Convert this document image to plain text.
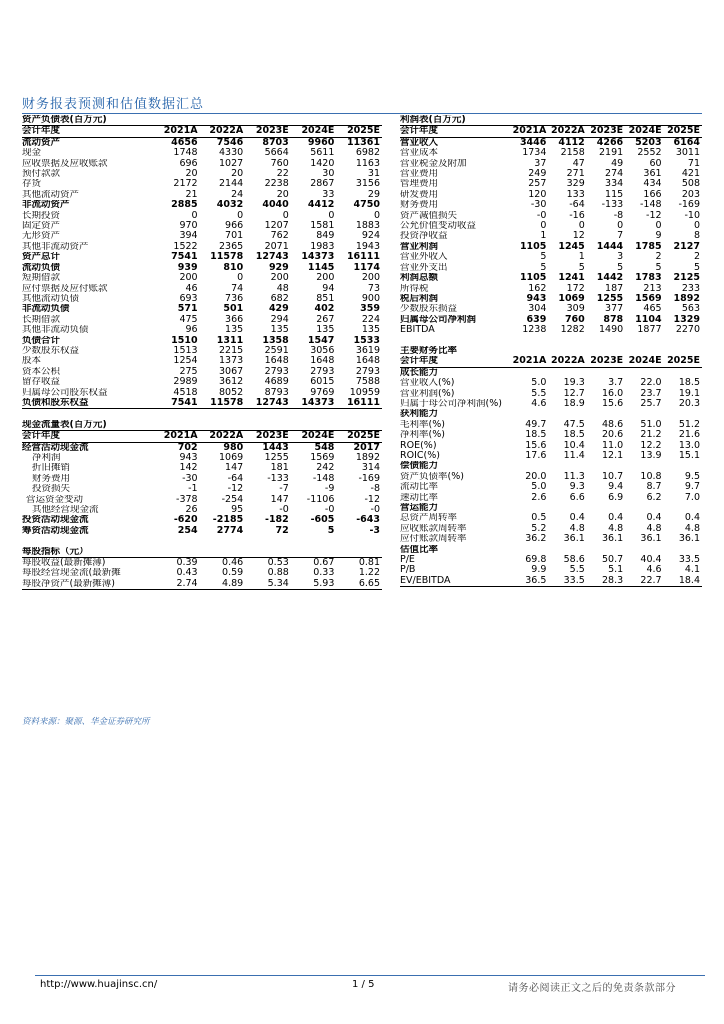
财务报表预测和估值数据汇总
资产负债表(百万元)					
会计年度	2021A	2022A	2023E	2024E	2025E
流动资产	4656	7546	8703	9960	11361
现金	1748	4330	5664	5611	6982
应收票据及应收账款	696	1027	760	1420	1163
预付款款	20	20	22	30	31
存货	2172	2144	2238	2867	3156
其他流动资产	21	24	20	33	29
非流动资产	2885	4032	4040	4412	4750
长期投资	0	0	0	0	0
固定资产	970	966	1207	1581	1883
无形资产	394	701	762	849	924
其他非流动资产	1522	2365	2071	1983	1943
资产总计	7541	11578	12743	14373	16111
流动负债	939	810	929	1145	1174
短期借款	200	0	200	200	200
应付票据及应付账款	46	74	48	94	73
其他流动负债	693	736	682	851	900
非流动负债	571	501	429	402	359
长期借款	475	366	294	267	224
其他非流动负债	96	135	135	135	135
负债合计	1510	1311	1358	1547	1533
少数股东权益	1513	2215	2591	3056	3619
股本	1254	1373	1648	1648	1648
资本公积	275	3067	2793	2793	2793
留存收益	2989	3612	4689	6015	7588
归属母公司股东权益	4518	8052	8793	9769	10959
负债和股东权益	7541	11578	12743	14373	16111

现金流量表(百万元)					
会计年度	2021A	2022A	2023E	2024E	2025E
经营活动现金流	702	980	1443	548	2017
净利润	943	1069	1255	1569	1892
折旧摊销	142	147	181	242	314
财务费用	-30	-64	-133	-148	-169
投资损失	-1	-12	-7	-9	-8
营运资金变动	-378	-254	147	-1106	-12
其他经营现金流	26	95	-0	-0	-0
投资活动现金流	-620	-2185	-182	-605	-643
筹资活动现金流	254	2774	72	5	-3

每股指标（元）					
每股收益(最新摊薄)	0.39	0.46	0.53	0.67	0.81
每股经营现金流(最新摊	0.43	0.59	0.88	0.33	1.22
每股净资产(最新摊薄)	2.74	4.89	5.34	5.93	6.65
利润表(百万元)					
会计年度	2021A	2022A	2023E	2024E	2025E
营业收入	3446	4112	4266	5203	6164
营业成本	1734	2158	2191	2552	3011
营业税金及附加	37	47	49	60	71
营业费用	249	271	274	361	421
管理费用	257	329	334	434	508
研发费用	120	133	115	166	203
财务费用	-30	-64	-133	-148	-169
资产减值损失	-0	-16	-8	-12	-10
公允价值变动收益	0	0	0	0	0
投资净收益	1	12	7	9	8
营业利润	1105	1245	1444	1785	2127
营业外收入	5	1	3	2	2
营业外支出	5	5	5	5	5
利润总额	1105	1241	1442	1783	2125
所得税	162	172	187	213	233
税后利润	943	1069	1255	1569	1892
少数股东损益	304	309	377	465	563
归属母公司净利润	639	760	878	1104	1329
EBITDA	1238	1282	1490	1877	2270

主要财务比率					
会计年度	2021A	2022A	2023E	2024E	2025E
成长能力					
营业收入(%)	5.0	19.3	3.7	22.0	18.5
营业利润(%)	5.5	12.7	16.0	23.7	19.1
归属于母公司净利润(%)	4.6	18.9	15.6	25.7	20.3
获利能力					
毛利率(%)	49.7	47.5	48.6	51.0	51.2
净利率(%)	18.5	18.5	20.6	21.2	21.6
ROE(%)	15.6	10.4	11.0	12.2	13.0
ROIC(%)	17.6	11.4	12.1	13.9	15.1
偿债能力					
资产负债率(%)	20.0	11.3	10.7	10.8	9.5
流动比率	5.0	9.3	9.4	8.7	9.7
速动比率	2.6	6.6	6.9	6.2	7.0
营运能力					
总资产周转率	0.5	0.4	0.4	0.4	0.4
应收账款周转率	5.2	4.8	4.8	4.8	4.8
应付账款周转率	36.2	36.1	36.1	36.1	36.1
估值比率					
P/E	69.8	58.6	50.7	40.4	33.5
P/B	9.9	5.5	5.1	4.6	4.1
EV/EBITDA	36.5	33.5	28.3	22.7	18.4
资料来源：聚源、华金证券研究所
http://www.huajinsc.cn/	1 / 5	请务必阅读正文之后的免责条款部分
